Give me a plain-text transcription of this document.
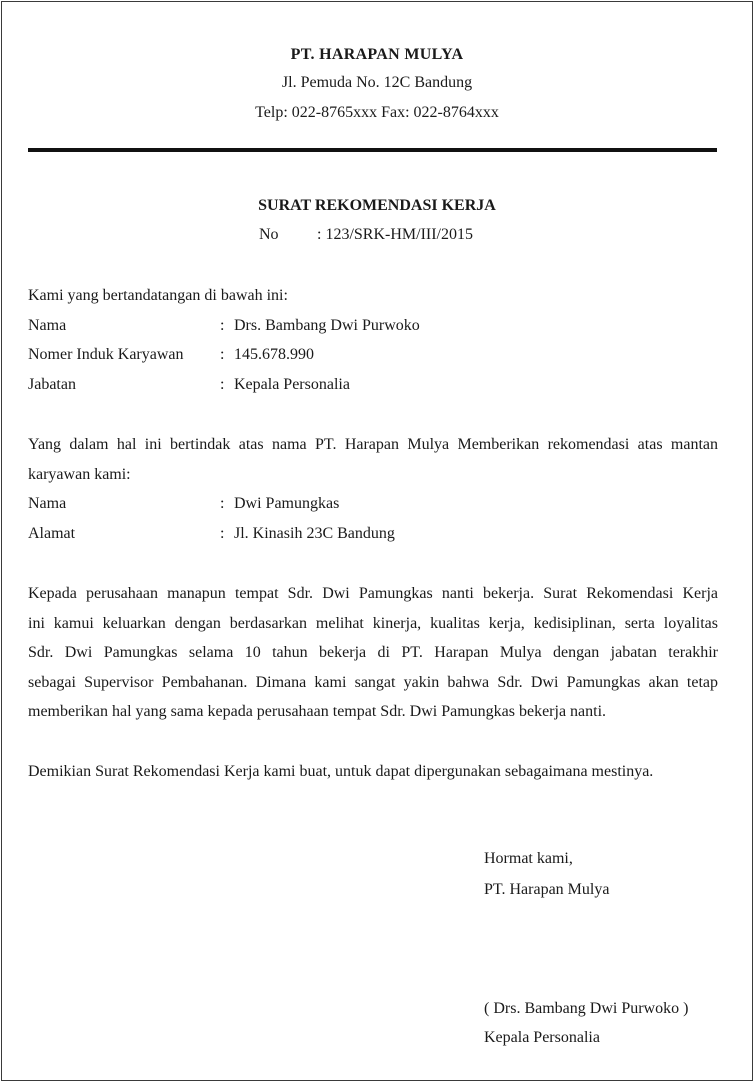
PT. HARAPAN MULYA
Jl. Pemuda No. 12C Bandung
Telp: 022-8765xxx Fax: 022-8764xxx
SURAT REKOMENDASI KERJA
No : 123/SRK-HM/III/2015
Kami yang bertandatangan di bawah ini:
Nama	: Drs. Bambang Dwi Purwoko
Nomer Induk Karyawan : 145.678.990
Jabatan	: Kepala Personalia
Yang dalam hal ini bertindak atas nama PT. Harapan Mulya Memberikan rekomendasi atas mantan
karyawan kami:
Nama	: Dwi Pamungkas
Alamat	: Jl. Kinasih 23C Bandung
Kepada perusahaan manapun tempat Sdr. Dwi Pamungkas nanti bekerja. Surat Rekomendasi Kerja
ini kamui keluarkan dengan berdasarkan melihat kinerja, kualitas kerja, kedisiplinan, serta loyalitas
Sdr. Dwi Pamungkas selama 10 tahun bekerja di PT. Harapan Mulya dengan jabatan terakhir
sebagai Supervisor Pembahanan. Dimana kami sangat yakin bahwa Sdr. Dwi Pamungkas akan tetap
memberikan hal yang sama kepada perusahaan tempat Sdr. Dwi Pamungkas bekerja nanti.
Demikian Surat Rekomendasi Kerja kami buat, untuk dapat dipergunakan sebagaimana mestinya.
Hormat kami,
PT. Harapan Mulya
( Drs. Bambang Dwi Purwoko )
Kepala Personalia
